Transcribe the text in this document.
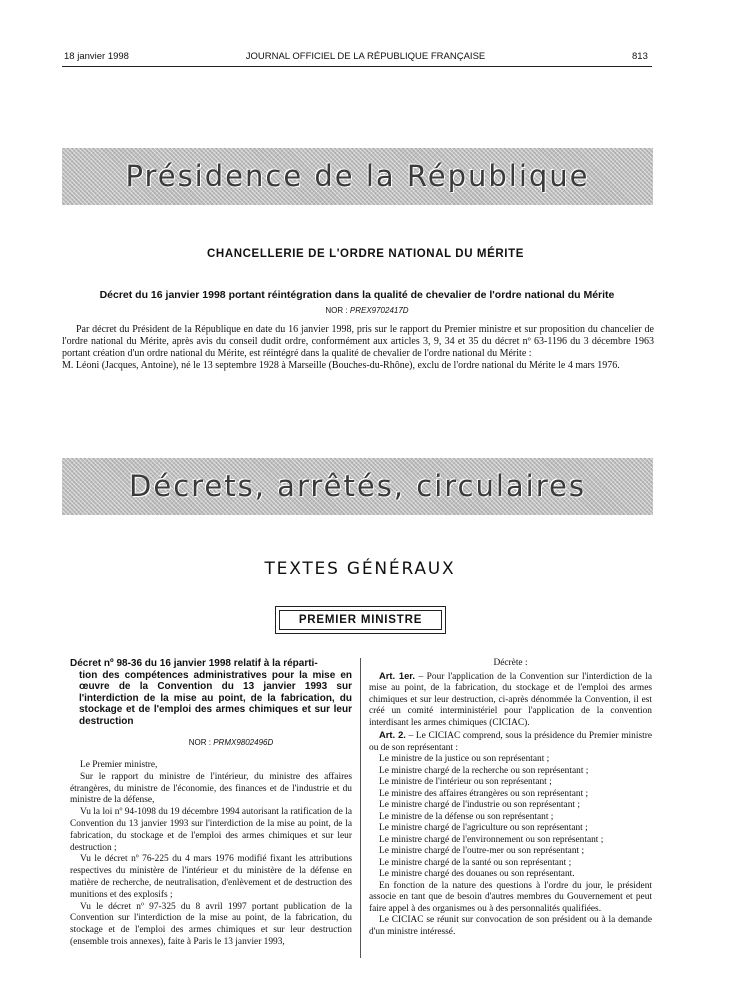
18 janvier 1998	JOURNAL OFFICIEL DE LA RÉPUBLIQUE FRANÇAISE	813
Présidence de la République
CHANCELLERIE DE L'ORDRE NATIONAL DU MÉRITE
Décret du 16 janvier 1998 portant réintégration dans la qualité de chevalier de l'ordre national du Mérite
NOR : PREX9702417D

Par décret du Président de la République en date du 16 janvier 1998, pris sur le rapport du Premier ministre et sur proposition du chancelier de l'ordre national du Mérite, après avis du conseil dudit ordre, conformément aux articles 3, 9, 34 et 35 du décret nº 63-1196 du 3 décembre 1963 portant création d'un ordre national du Mérite, est réintégré dans la qualité de chevalier de l'ordre national du Mérite :

M. Léoni (Jacques, Antoine), né le 13 septembre 1928 à Marseille (Bouches-du-Rhône), exclu de l'ordre national du Mérite le 4 mars 1976.

Décrets, arrêtés, circulaires
TEXTES GÉNÉRAUX
PREMIER MINISTRE
Décret nº 98-36 du 16 janvier 1998 relatif à la réparti-
tion des compétences administratives pour la mise en œuvre de la Convention du 13 janvier 1993 sur l'interdiction de la mise au point, de la fabrication, du stockage et de l'emploi des armes chimiques et sur leur destruction
NOR : PRMX9802496D

Le Premier ministre,

Sur le rapport du ministre de l'intérieur, du ministre des affaires étrangères, du ministre de l'économie, des finances et de l'industrie et du ministre de la défense,

Vu la loi nº 94-1098 du 19 décembre 1994 autorisant la ratification de la Convention du 13 janvier 1993 sur l'interdiction de la mise au point, de la fabrication, du stockage et de l'emploi des armes chimiques et sur leur destruction ;

Vu le décret nº 76-225 du 4 mars 1976 modifié fixant les attributions respectives du ministère de l'intérieur et du ministère de la défense en matière de recherche, de neutralisation, d'enlèvement et de destruction des munitions et des explosifs ;

Vu le décret nº 97-325 du 8 avril 1997 portant publication de la Convention sur l'interdiction de la mise au point, de la fabrication, du stockage et de l'emploi des armes chimiques et sur leur destruction (ensemble trois annexes), faite à Paris le 13 janvier 1993,

Décrète :

Art. 1er. – Pour l'application de la Convention sur l'interdiction de la mise au point, de la fabrication, du stockage et de l'emploi des armes chimiques et sur leur destruction, ci-après dénommée la Convention, il est créé un comité interministériel pour l'application de la convention interdisant les armes chimiques (CICIAC).

Art. 2. – Le CICIAC comprend, sous la présidence du Premier ministre ou de son représentant :

Le ministre de la justice ou son représentant ;

Le ministre chargé de la recherche ou son représentant ;

Le ministre de l'intérieur ou son représentant ;

Le ministre des affaires étrangères ou son représentant ;

Le ministre chargé de l'industrie ou son représentant ;

Le ministre de la défense ou son représentant ;

Le ministre chargé de l'agriculture ou son représentant ;

Le ministre chargé de l'environnement ou son représentant ;

Le ministre chargé de l'outre-mer ou son représentant ;

Le ministre chargé de la santé ou son représentant ;

Le ministre chargé des douanes ou son représentant.

En fonction de la nature des questions à l'ordre du jour, le président associe en tant que de besoin d'autres membres du Gouvernement et peut faire appel à des organismes ou à des personnalités qualifiées.

Le CICIAC se réunit sur convocation de son président ou à la demande d'un ministre intéressé.
